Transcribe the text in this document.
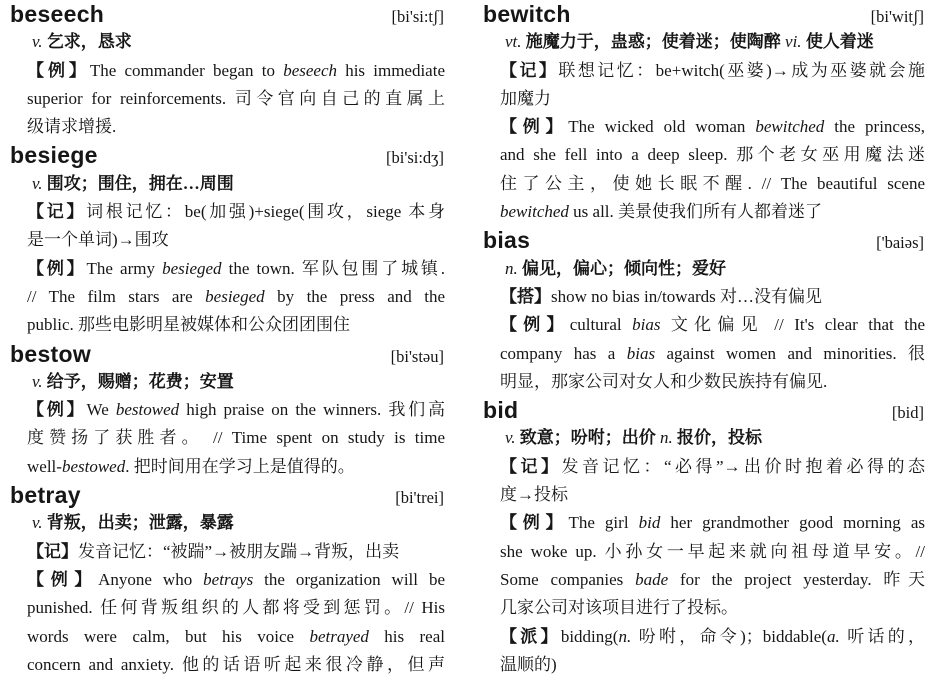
beseech	[bi'si:tʃ]
v. 乞求，恳求
【例】The commander began to beseech his immediate
superior for reinforcements. 司令官向自己的直属上
级请求增援.
besiege	[bi'si:dʒ]
v. 围攻；围住，拥在…周围
【记】词根记忆：be(加强)+siege(围攻，siege 本身
是一个单词)→围攻
【例】The army besieged the town. 军队包围了城镇.
// The film stars are besieged by the press and the
public. 那些电影明星被媒体和公众团团围住
bestow	[bi'stəu]
v. 给予，赐赠；花费；安置
【例】We bestowed high praise on the winners. 我们高
度赞扬了获胜者。 // Time spent on study is time
well-bestowed. 把时间用在学习上是值得的。
betray	[bi'trei]
v. 背叛，出卖；泄露，暴露
【记】发音记忆：“被踹”→被朋友踹→背叛，出卖
【例】Anyone who betrays the organization will be
punished. 任何背叛组织的人都将受到惩罚。// His
words were calm, but his voice betrayed his real
concern and anxiety. 他的话语听起来很冷静，但声
bewitch	[bi'witʃ]
vt. 施魔力于，蛊惑；使着迷；使陶醉 vi. 使人着迷
【记】联想记忆：be+witch(巫婆)→成为巫婆就会施
加魔力
【例】The wicked old woman bewitched the princess,
and she fell into a deep sleep. 那个老女巫用魔法迷
住了公主，使她长眠不醒. // The beautiful scene
bewitched us all. 美景使我们所有人都着迷了
bias	['baiəs]
n. 偏见，偏心；倾向性；爱好
【搭】show no bias in/towards 对…没有偏见
【例】cultural bias 文化偏见 // It's clear that the
company has a bias against women and minorities. 很
明显，那家公司对女人和少数民族持有偏见.
bid	[bid]
v. 致意；吩咐；出价 n. 报价，投标
【记】发音记忆：“必得”→出价时抱着必得的态
度→投标
【例】The girl bid her grandmother good morning as
she woke up. 小孙女一早起来就向祖母道早安。//
Some companies bade for the project yesterday. 昨天
几家公司对该项目进行了投标。
【派】bidding(n. 吩咐，命令)；biddable(a. 听话的，
温顺的)
